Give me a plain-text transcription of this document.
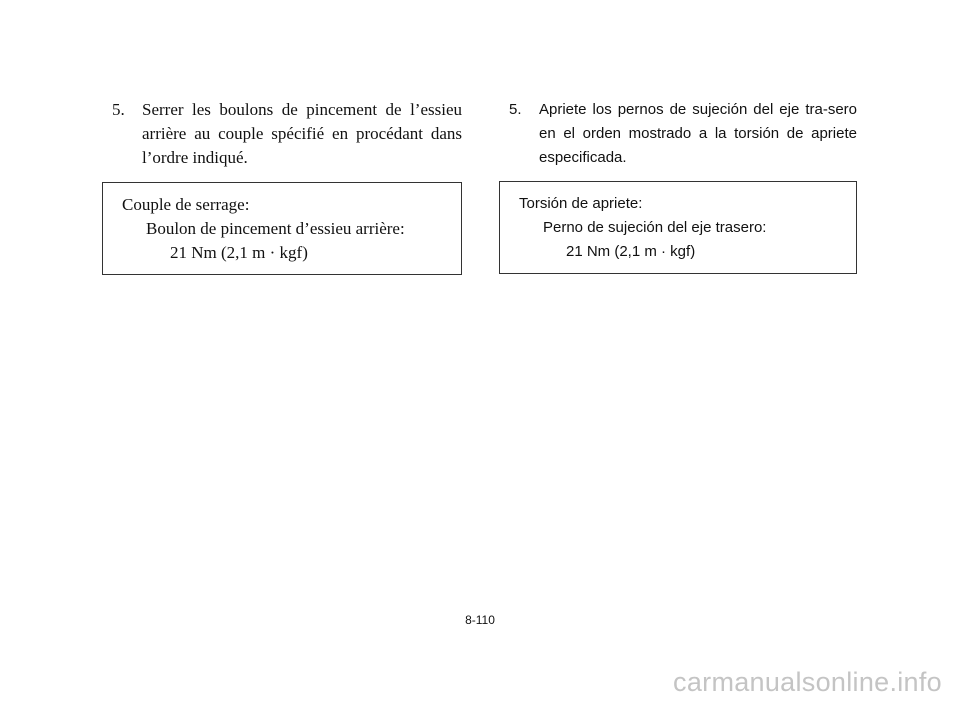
5.	Serrer les boulons de pincement de l’essieu arrière au couple spécifié en procédant dans l’ordre indiqué.
Couple de serrage:
Boulon de pincement d’essieu arrière:
21 Nm (2,1 m · kgf)
5.	Apriete los pernos de sujeción del eje tra-sero en el orden mostrado a la torsión de apriete especificada.
Torsión de apriete:
Perno de sujeción del eje trasero:
21 Nm (2,1 m · kgf)
8-110
carmanualsonline.info
